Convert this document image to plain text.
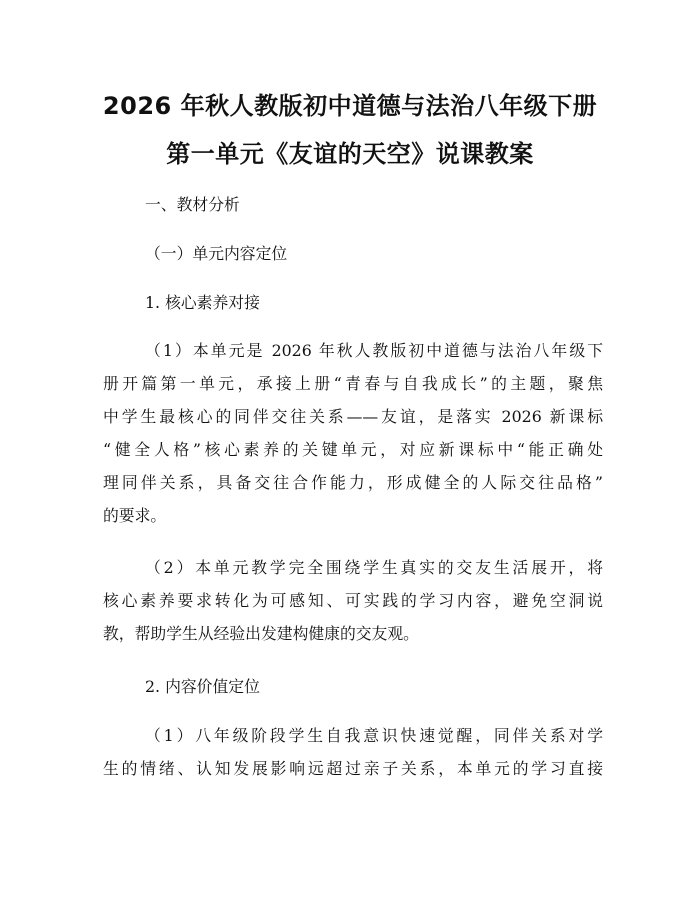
2026 年秋人教版初中道德与法治八年级下册
第一单元《友谊的天空》说课教案
一、教材分析
（一）单元内容定位
1. 核心素养对接
（1）本单元是 2026 年秋人教版初中道德与法治八年级下
册开篇第一单元，承接上册“青春与自我成长”的主题，聚焦
中学生最核心的同伴交往关系——友谊，是落实 2026 新课标
“健全人格”核心素养的关键单元，对应新课标中“能正确处
理同伴关系，具备交往合作能力，形成健全的人际交往品格”
的要求。
（2）本单元教学完全围绕学生真实的交友生活展开，将
核心素养要求转化为可感知、可实践的学习内容，避免空洞说
教，帮助学生从经验出发建构健康的交友观。
2. 内容价值定位
（1）八年级阶段学生自我意识快速觉醒，同伴关系对学
生的情绪、认知发展影响远超过亲子关系，本单元的学习直接
